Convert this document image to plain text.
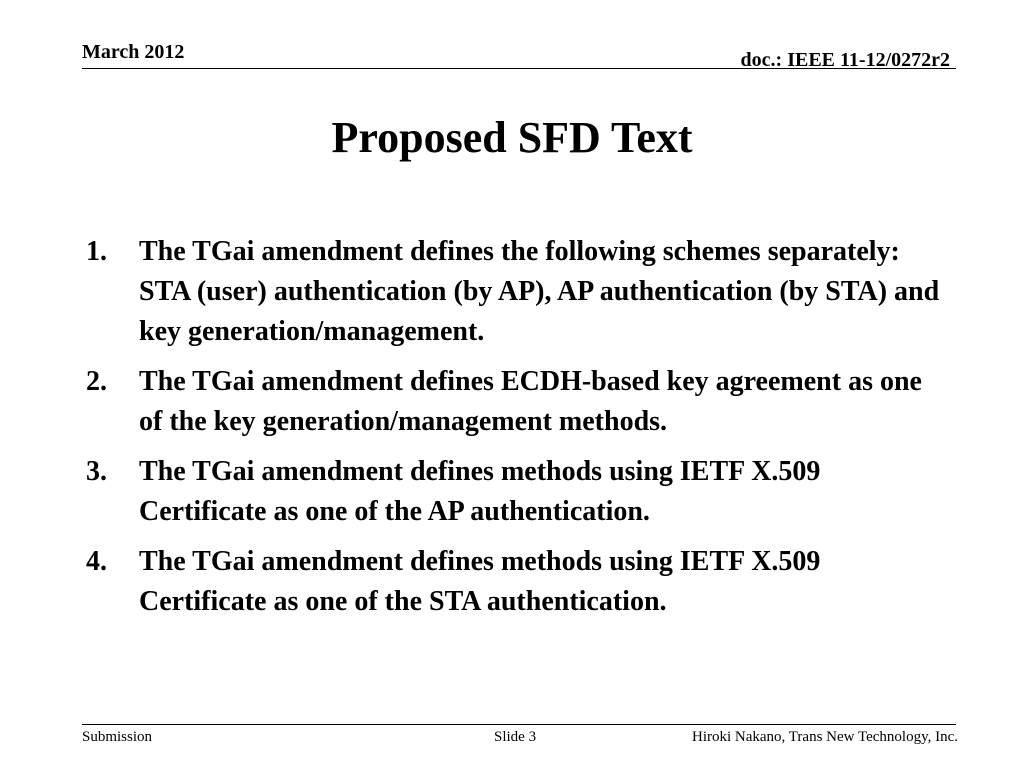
March 2012	doc.: IEEE 11-12/0272r2
Proposed SFD Text
1.	The TGai amendment defines the following schemes separately: STA (user) authentication (by AP), AP authentication (by STA) and key generation/management.
2.	The TGai amendment defines ECDH-based key agreement as one of the key generation/management methods.
3.	The TGai amendment defines methods using IETF X.509 Certificate as one of the AP authentication.
4.	The TGai amendment defines methods using IETF X.509 Certificate as one of the STA authentication.
Submission	Slide 3	Hiroki Nakano, Trans New Technology, Inc.
